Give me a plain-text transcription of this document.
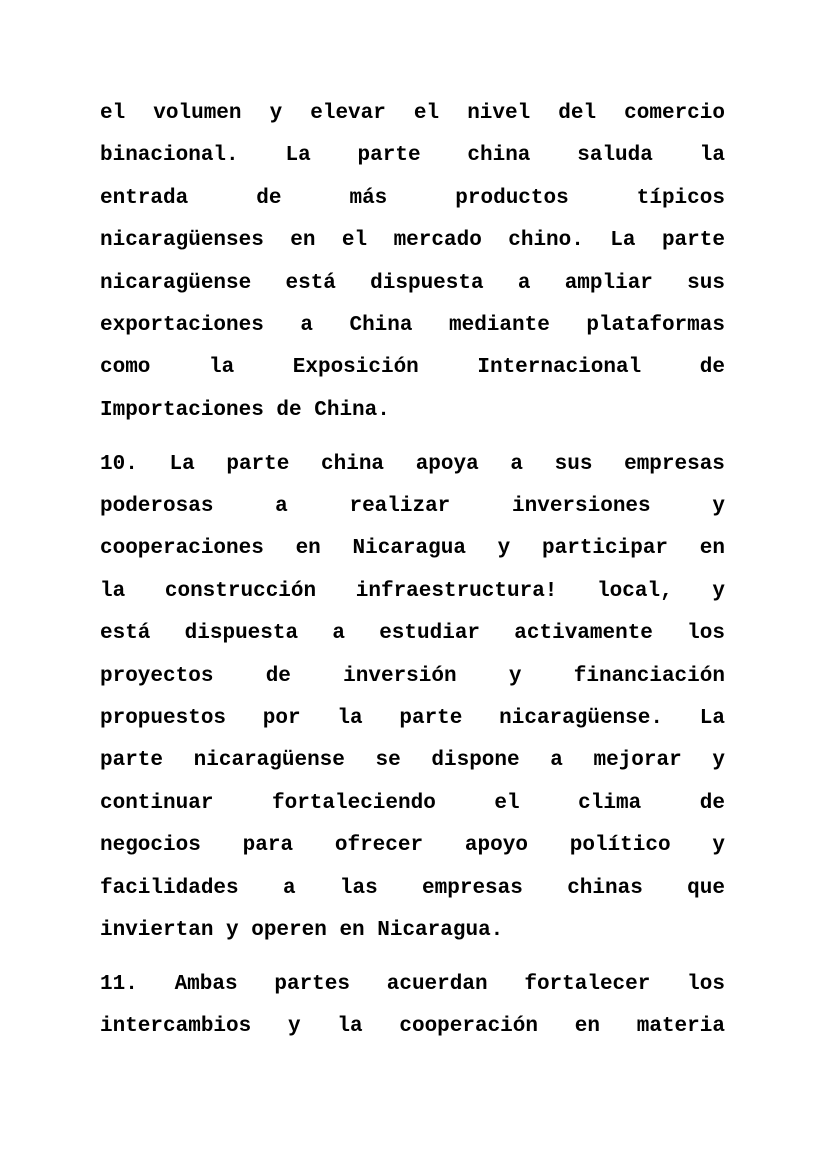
el volumen y elevar el nivel del comercio
binacional. La parte china saluda la
entrada	de	más	productos	típicos
nicaragüenses en el mercado chino. La parte
nicaragüense está dispuesta a ampliar sus
exportaciones a China mediante plataformas
como	la	Exposición	Internacional	de
Importaciones de China.
10. La parte china apoya a sus empresas
poderosas	a	realizar	inversiones	y
cooperaciones en Nicaragua y participar en
la construcción infraestructura! local, y
está dispuesta a estudiar activamente los
proyectos de inversión y financiación
propuestos por la parte nicaragüense. La
parte nicaragüense se dispone a mejorar y
continuar	fortaleciendo	el	clima	de
negocios para ofrecer apoyo político y
facilidades a las empresas chinas que
inviertan y operen en Nicaragua.
11. Ambas partes acuerdan fortalecer los
intercambios y la cooperación en materia
